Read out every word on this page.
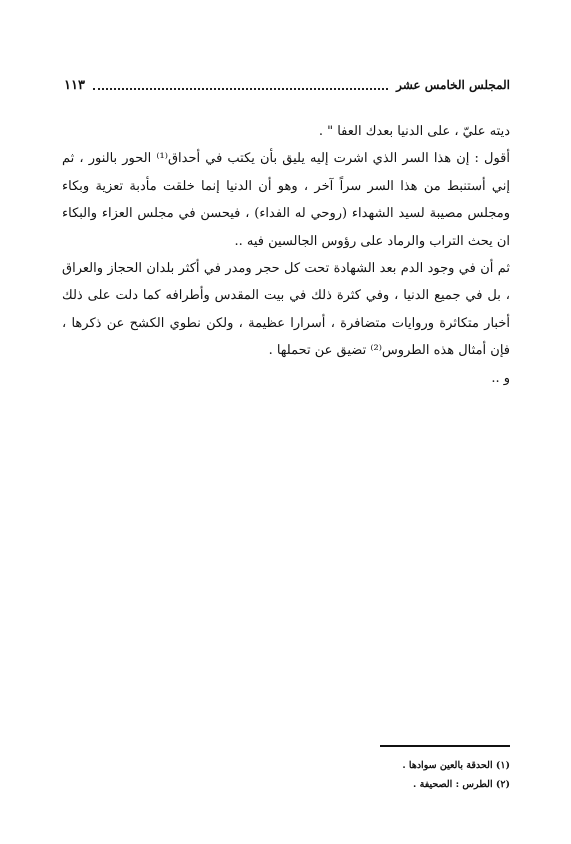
المجلس الخامس عشر
١١٣

ديته عليّ ، على الدنيا بعدك العفا " .

أقول : إن هذا السر الذي اشرت إليه يليق بأن يكتب في أحداق⁽¹⁾ الحور بالنور ، ثم إني أستنبط من هذا السر سراً آخر ، وهو أن الدنيا إنما خلقت مأدبة تعزية وبكاء ومجلس مصيبة لسيد الشهداء (روحي له الفداء) ، فيحسن في مجلس العزاء والبكاء ان يحث التراب والرماد على رؤوس الجالسين فيه ..

ثم أن في وجود الدم بعد الشهادة تحت كل حجر ومدر في أكثر بلدان الحجاز والعراق ، بل في جميع الدنيا ، وفي كثرة ذلك في بيت المقدس وأطرافه كما دلت على ذلك أخبار متكاثرة وروايات متضافرة ، أسرارا عظيمة ، ولكن نطوي الكشح عن ذكرها ، فإن أمثال هذه الطروس⁽²⁾ تضيق عن تحملها .

و ..

(١) الحدقة بالعين سوادها .
(٢) الطرس : الصحيفة .
